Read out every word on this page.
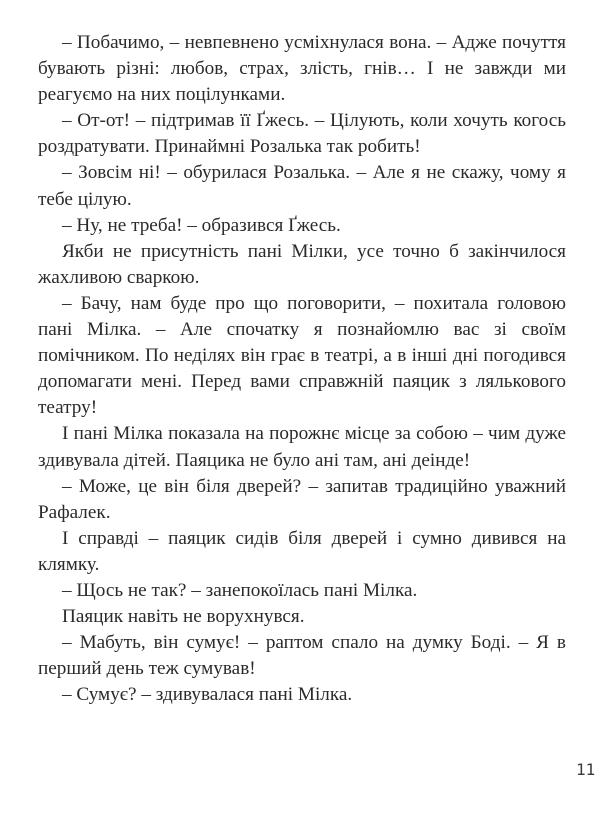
– Побачимо, – невпевнено усміхнулася вона. – Адже почуття бувають різні: любов, страх, злість, гнів… І не завжди ми реагуємо на них поцілунками.

– От-от! – підтримав її Ґжесь. – Цілують, коли хочуть когось роздратувати. Принаймні Розалька так робить!

– Зовсім ні! – обурилася Розалька. – Але я не скажу, чому я тебе цілую.

– Ну, не треба! – образився Ґжесь.

Якби не присутність пані Мілки, усе точно б закінчилося жахливою сваркою.

– Бачу, нам буде про що поговорити, – похитала головою пані Мілка. – Але спочатку я познайомлю вас зі своїм помічником. По неділях він грає в театрі, а в інші дні погодився допомагати мені. Перед вами справжній паяцик з лялькового театру!

І пані Мілка показала на порожнє місце за собою – чим дуже здивувала дітей. Паяцика не було ані там, ані деінде!

– Може, це він біля дверей? – запитав традиційно уважний Рафалек.

І справді – паяцик сидів біля дверей і сумно дивився на клямку.

– Щось не так? – занепокоїлась пані Мілка.

Паяцик навіть не ворухнувся.

– Мабуть, він сумує! – раптом спало на думку Боді. – Я в перший день теж сумував!

– Сумує? – здивувалася пані Мілка.

11
